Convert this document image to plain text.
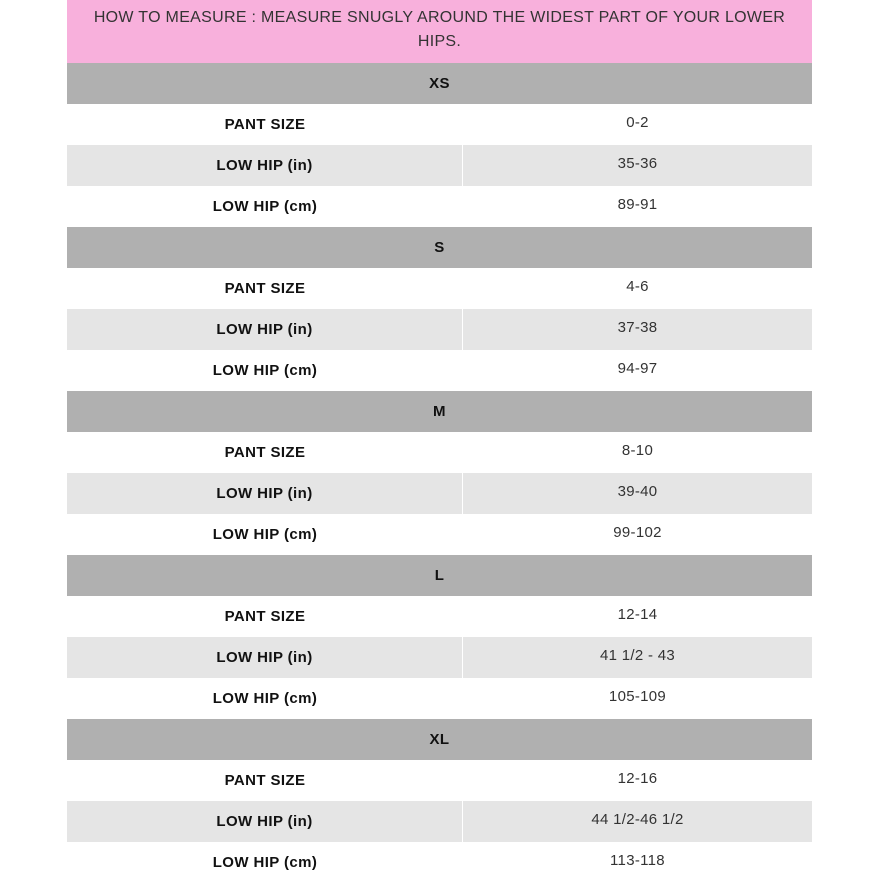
HOW TO MEASURE : MEASURE SNUGLY AROUND THE WIDEST PART OF YOUR LOWER HIPS.
XS
PANT SIZE	0-2
LOW HIP (in)	35-36
LOW HIP (cm)	89-91
S
PANT SIZE	4-6
LOW HIP (in)	37-38
LOW HIP (cm)	94-97
M
PANT SIZE	8-10
LOW HIP (in)	39-40
LOW HIP (cm)	99-102
L
PANT SIZE	12-14
LOW HIP (in)	41 1/2 - 43
LOW HIP (cm)	105-109
XL
PANT SIZE	12-16
LOW HIP (in)	44 1/2-46 1/2
LOW HIP (cm)	113-118
